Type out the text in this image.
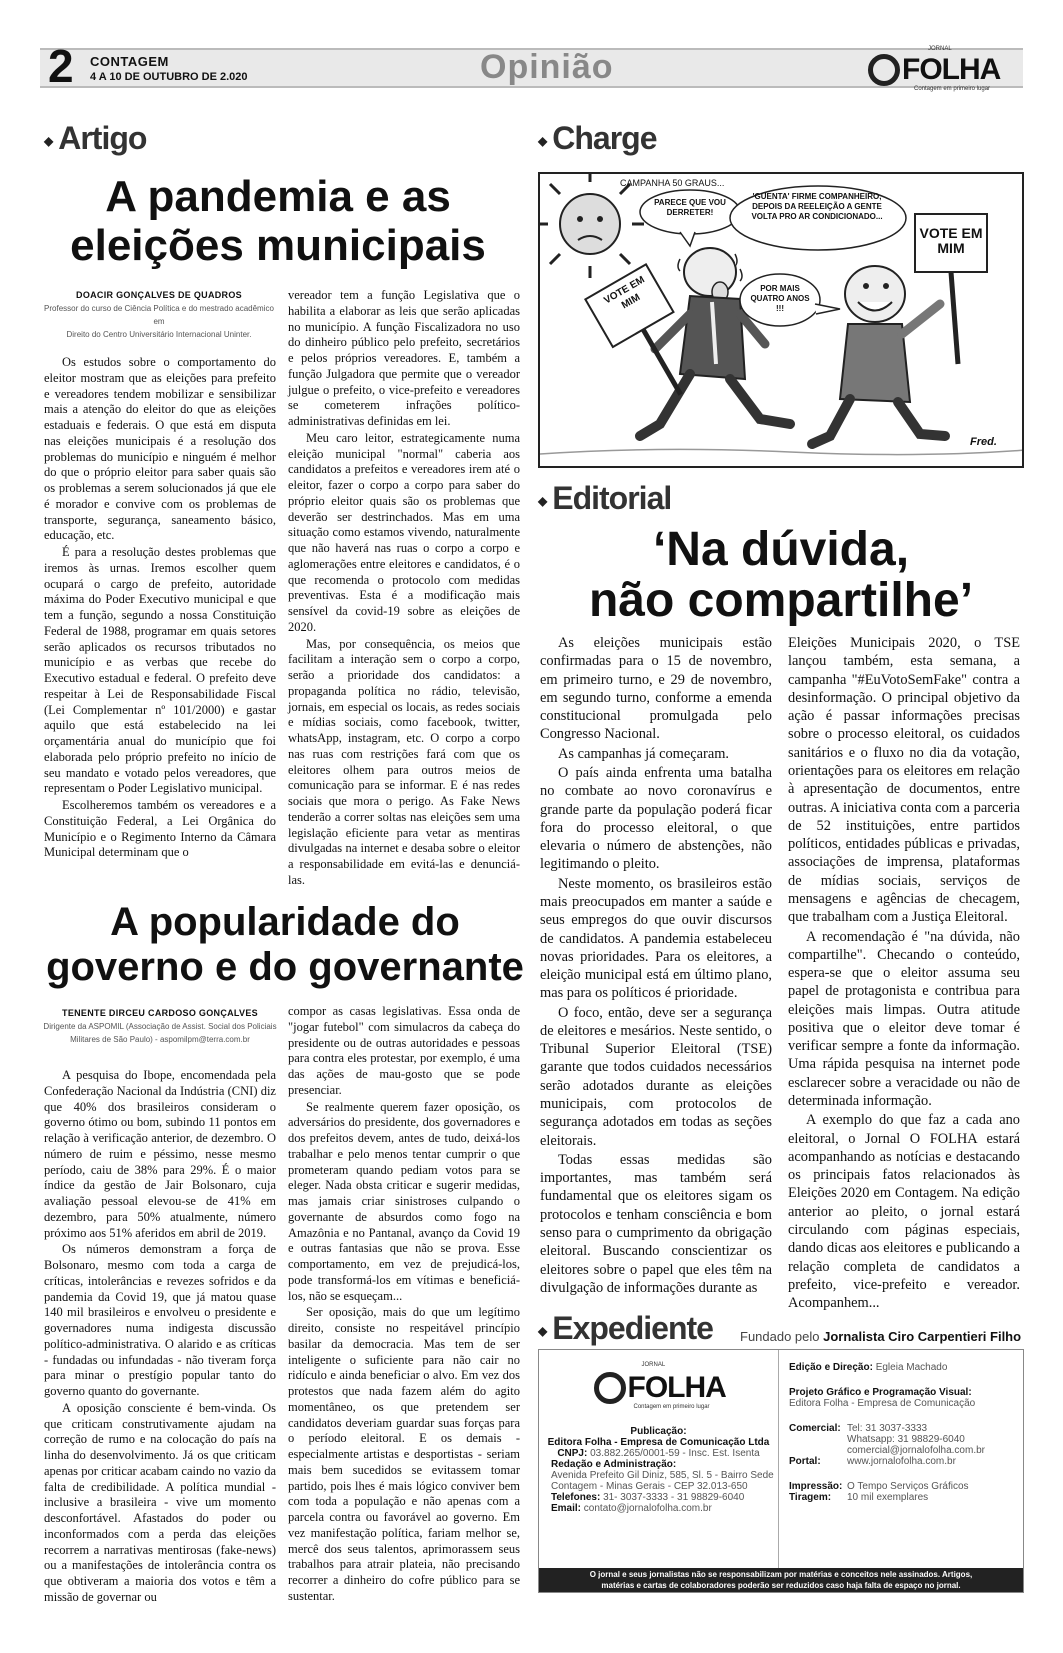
2 CONTAGEM
4 A 10 DE OUTUBRO DE 2.020	Opinião	JORNAL
FOLHA
Contagem em primeiro lugar
◆ Artigo
A pandemia e as
eleições municipais
DOACIR GONÇALVES DE QUADROS
Professor do curso de Ciência Política e do mestrado acadêmico em
Direito do Centro Universitário Internacional Uninter.

Os estudos sobre o comportamento do eleitor mostram que as eleições para prefeito e vereadores tendem mobilizar e sensibilizar mais a atenção do eleitor do que as eleições estaduais e federais. O que está em disputa nas eleições municipais é a resolução dos problemas do município e ninguém é melhor do que o próprio eleitor para saber quais são os problemas a serem solucionados já que ele é morador e convive com os problemas de transporte, segurança, saneamento básico, educação, etc.

É para a resolução destes problemas que iremos às urnas. Iremos escolher quem ocupará o cargo de prefeito, autoridade máxima do Poder Executivo municipal e que tem a função, segundo a nossa Constituição Federal de 1988, programar em quais setores serão aplicados os recursos tributados no município e as verbas que recebe do Executivo estadual e federal. O prefeito deve respeitar à Lei de Responsabilidade Fiscal (Lei Complementar nº 101/2000) e gastar aquilo que está estabelecido na lei orçamentária anual do município que foi elaborada pelo próprio prefeito no início de seu mandato e votado pelos vereadores, que representam o Poder Legislativo municipal.

Escolheremos também os vereadores e a Constituição Federal, a Lei Orgânica do Município e o Regimento Interno da Câmara Municipal determinam que o

vereador tem a função Legislativa que o habilita a elaborar as leis que serão aplicadas no município. A função Fiscalizadora no uso do dinheiro público pelo prefeito, secretários e pelos próprios vereadores. E, também a função Julgadora que permite que o vereador julgue o prefeito, o vice-prefeito e vereadores se cometerem infrações político-administrativas definidas em lei.

Meu caro leitor, estrategicamente numa eleição municipal "normal" caberia aos candidatos a prefeitos e vereadores irem até o eleitor, fazer o corpo a corpo para saber do próprio eleitor quais são os problemas que deverão ser destrinchados. Mas em uma situação como estamos vivendo, naturalmente que não haverá nas ruas o corpo a corpo e aglomerações entre eleitores e candidatos, é o que recomenda o protocolo com medidas preventivas. Esta é a modificação mais sensível da covid-19 sobre as eleições de 2020.

Mas, por consequência, os meios que facilitam a interação sem o corpo a corpo, serão a prioridade dos candidatos: a propaganda política no rádio, televisão, jornais, em especial os locais, as redes sociais e mídias sociais, como facebook, twitter, whatsApp, instagram, etc. O corpo a corpo nas ruas com restrições fará com que os eleitores olhem para outros meios de comunicação para se informar. E é nas redes sociais que mora o perigo. As Fake News tenderão a correr soltas nas eleições sem uma legislação eficiente para vetar as mentiras divulgadas na internet e desaba sobre o eleitor a responsabilidade em evitá-las e denunciá-las.

A popularidade do
governo e do governante
TENENTE DIRCEU CARDOSO GONÇALVES
Dirigente da ASPOMIL (Associação de Assist. Social dos Policiais
Militares de São Paulo) - aspomilpm@terra.com.br

A pesquisa do Ibope, encomendada pela Confederação Nacional da Indústria (CNI) diz que 40% dos brasileiros consideram o governo ótimo ou bom, subindo 11 pontos em relação à verificação anterior, de dezembro. O número de ruim e péssimo, nesse mesmo período, caiu de 38% para 29%. É o maior índice da gestão de Jair Bolsonaro, cuja avaliação pessoal elevou-se de 41% em dezembro, para 50% atualmente, número próximo aos 51% aferidos em abril de 2019.

Os números demonstram a força de Bolsonaro, mesmo com toda a carga de críticas, intolerâncias e revezes sofridos e da pandemia da Covid 19, que já matou quase 140 mil brasileiros e envolveu o presidente e governadores numa indigesta discussão político-administrativa. O alarido e as críticas - fundadas ou infundadas - não tiveram força para minar o prestígio popular tanto do governo quanto do governante.

A oposição consciente é bem-vinda. Os que criticam construtivamente ajudam na correção de rumo e na colocação do país na linha do desenvolvimento. Já os que criticam apenas por criticar acabam caindo no vazio da falta de credibilidade. A política mundial - inclusive a brasileira - vive um momento desconfortável. Afastados do poder ou inconformados com a perda das eleições recorrem a narrativas mentirosas (fake-news) ou a manifestações de intolerância contra os que obtiveram a maioria dos votos e têm a missão de governar ou

compor as casas legislativas. Essa onda de "jogar futebol" com simulacros da cabeça do presidente ou de outras autoridades e pessoas para contra eles protestar, por exemplo, é uma das ações de mau-gosto que se pode presenciar.

Se realmente querem fazer oposição, os adversários do presidente, dos governadores e dos prefeitos devem, antes de tudo, deixá-los trabalhar e pelo menos tentar cumprir o que prometeram quando pediam votos para se eleger. Nada obsta criticar e sugerir medidas, mas jamais criar sinistroses culpando o governante de absurdos como fogo na Amazônia e no Pantanal, avanço da Covid 19 e outras fantasias que não se prova. Esse comportamento, em vez de prejudicá-los, pode transformá-los em vítimas e beneficiá-los, não se esqueçam...

Ser oposição, mais do que um legítimo direito, consiste no respeitável princípio basilar da democracia. Mas tem de ser inteligente o suficiente para não cair no ridículo e ainda beneficiar o alvo. Em vez dos protestos que nada fazem além do agito momentâneo, os que pretendem ser candidatos deveriam guardar suas forças para o período eleitoral. E os demais - especialmente artistas e desportistas - seriam mais bem sucedidos se evitassem tomar partido, pois lhes é mais lógico conviver bem com toda a população e não apenas com a parcela contra ou favorável ao governo. Em vez manifestação política, fariam melhor se, mercê dos seus talentos, aprimorassem seus trabalhos para atrair plateia, não precisando recorrer a dinheiro do cofre público para se sustentar.

◆ Charge
CAMPANHA 50 GRAUS...
PARECE QUE VOU DERRETER!
'GUENTA' FIRME COMPANHEIRO, DEPOIS DA REELEIÇÃO A GENTE VOLTA PRO AR CONDICIONADO...
POR MAIS QUATRO ANOS !!!
VOTE EM MIM
VOTE EM MIM
Fred.
◆ Editorial
‘Na dúvida,
não compartilhe’

As eleições municipais estão confirmadas para o 15 de novembro, em primeiro turno, e 29 de novembro, em segundo turno, conforme a emenda constitucional promulgada pelo Congresso Nacional.

As campanhas já começaram.

O país ainda enfrenta uma batalha no combate ao novo coronavírus e grande parte da população poderá ficar fora do processo eleitoral, o que elevaria o número de abstenções, não legitimando o pleito.

Neste momento, os brasileiros estão mais preocupados em manter a saúde e seus empregos do que ouvir discursos de candidatos. A pandemia estabeleceu novas prioridades. Para os eleitores, a eleição municipal está em último plano, mas para os políticos é prioridade.

O foco, então, deve ser a segurança de eleitores e mesários. Neste sentido, o Tribunal Superior Eleitoral (TSE) garante que todos cuidados necessários serão adotados durante as eleições municipais, com protocolos de segurança adotados em todas as seções eleitorais.

Todas essas medidas são importantes, mas também será fundamental que os eleitores sigam os protocolos e tenham consciência e bom senso para o cumprimento da obrigação eleitoral. Buscando conscientizar os eleitores sobre o papel que eles têm na divulgação de informações durante as

Eleições Municipais 2020, o TSE lançou também, esta semana, a campanha "#EuVotoSemFake" contra a desinformação. O principal objetivo da ação é passar informações precisas sobre o processo eleitoral, os cuidados sanitários e o fluxo no dia da votação, orientações para os eleitores em relação à apresentação de documentos, entre outras. A iniciativa conta com a parceria de 52 instituições, entre partidos políticos, entidades públicas e privadas, associações de imprensa, plataformas de mídias sociais, serviços de mensagens e agências de checagem, que trabalham com a Justiça Eleitoral.

A recomendação é "na dúvida, não compartilhe". Checando o conteúdo, espera-se que o eleitor assuma seu papel de protagonista e contribua para eleições mais limpas. Outra atitude positiva que o eleitor deve tomar é verificar sempre a fonte da informação. Uma rápida pesquisa na internet pode esclarecer sobre a veracidade ou não de determinada informação.

A exemplo do que faz a cada ano eleitoral, o Jornal O FOLHA estará acompanhando as notícias e destacando os principais fatos relacionados às Eleições 2020 em Contagem. Na edição anterior ao pleito, o jornal estará circulando com páginas especiais, dando dicas aos eleitores e publicando a relação completa de candidatos a prefeito, vice-prefeito e vereador. Acompanhem...

◆ Expediente Fundado pelo Jornalista Ciro Carpentieri Filho
JORNAL
FOLHA
Contagem em primeiro lugar
Publicação:
Editora Folha - Empresa de Comunicação Ltda
CNPJ: 03.882.265/0001-59 - Insc. Est. Isenta
Redação e Administração:
Avenida Prefeito Gil Diniz, 585, Sl. 5 - Bairro Sede
Contagem - Minas Gerais - CEP 32.013-650
Telefones: 31- 3037-3333 - 31 98829-6040
Email: contato@jornalofolha.com.br
Edição e Direção: Egleia Machado
Projeto Gráfico e Programação Visual:
Editora Folha - Empresa de Comunicação
Comercial: Tel: 31 3037-3333
Whatsapp: 31 98829-6040
comercial@jornalofolha.com.br
Portal:	www.jornalofolha.com.br
Impressão: O Tempo Serviços Gráficos
Tiragem:	10 mil exemplares
O jornal e seus jornalistas não se responsabilizam por matérias e conceitos nele assinados. Artigos,
matérias e cartas de colaboradores poderão ser reduzidos caso haja falta de espaço no jornal.
